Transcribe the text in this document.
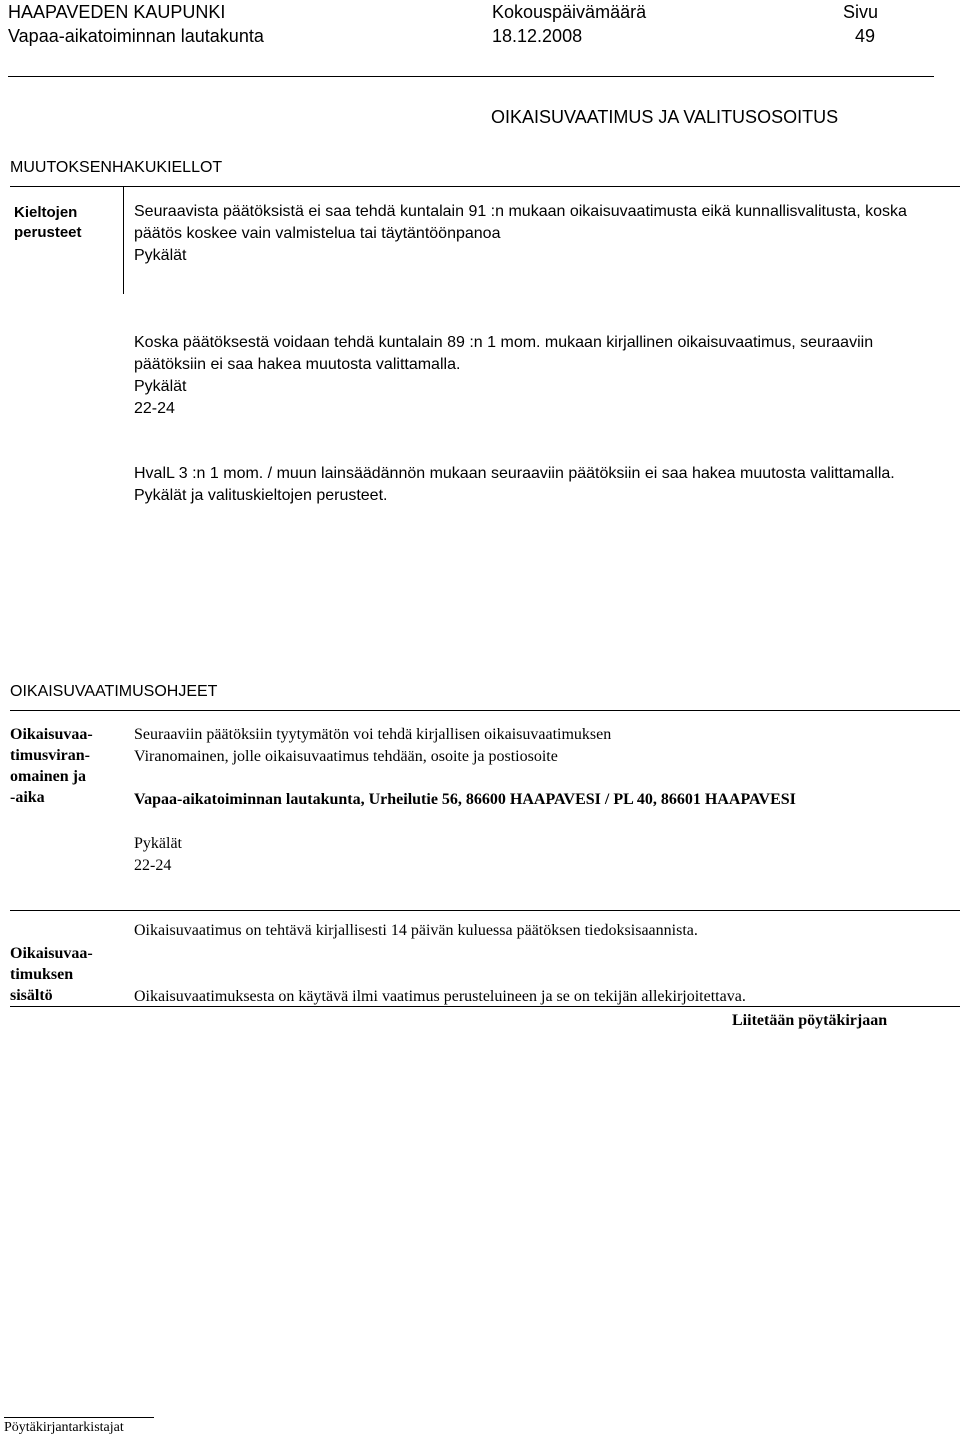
HAAPAVEDEN KAUPUNKI
Vapaa-aikatoiminnan lautakunta
Kokouspäivämäärä
18.12.2008
Sivu
49
OIKAISUVAATIMUS JA VALITUSOSOITUS
MUUTOKSENHAKUKIELLOT
Kieltojen
perusteet
Seuraavista päätöksistä ei saa tehdä kuntalain 91 :n mukaan oikaisuvaatimusta eikä kunnallisvalitusta, koska
päätös koskee vain valmistelua tai täytäntöönpanoa
Pykälät
Koska päätöksestä voidaan tehdä kuntalain 89 :n 1 mom. mukaan kirjallinen oikaisuvaatimus, seuraaviin
päätöksiin ei saa hakea muutosta valittamalla.
Pykälät
22-24
HvalL 3 :n 1 mom. / muun lainsäädännön mukaan seuraaviin päätöksiin ei saa hakea muutosta valittamalla.
Pykälät ja valituskieltojen perusteet.
OIKAISUVAATIMUSOHJEET
Oikaisuvaa-
timusviran-
omainen ja
-aika
Seuraaviin päätöksiin tyytymätön voi tehdä kirjallisen oikaisuvaatimuksen
Viranomainen, jolle oikaisuvaatimus tehdään, osoite ja postiosoite
Vapaa-aikatoiminnan lautakunta, Urheilutie 56, 86600 HAAPAVESI / PL 40, 86601 HAAPAVESI
Pykälät
22-24
Oikaisuvaa-
timuksen
sisältö
Oikaisuvaatimus on tehtävä kirjallisesti 14 päivän kuluessa päätöksen tiedoksisaannista.
Oikaisuvaatimuksesta on käytävä ilmi vaatimus perusteluineen ja se on tekijän allekirjoitettava.
Liitetään pöytäkirjaan
Pöytäkirjantarkistajat
